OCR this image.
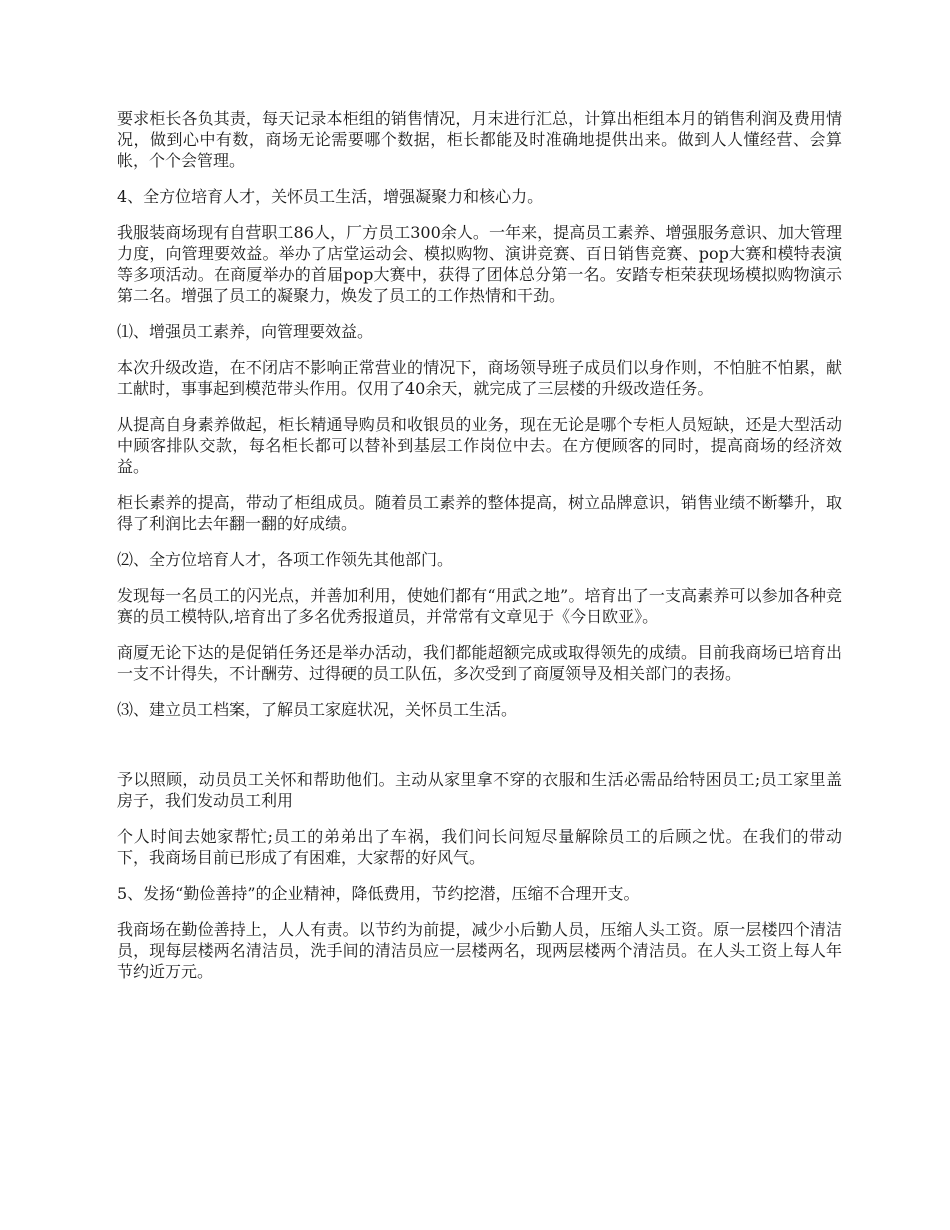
要求柜长各负其责，每天记录本柜组的销售情况，月末进行汇总，计算出柜组本月的销售利润及费用情况，做到心中有数，商场无论需要哪个数据，柜长都能及时准确地提供出来。做到人人懂经营、会算帐，个个会管理。

4、全方位培育人才，关怀员工生活，增强凝聚力和核心力。

我服装商场现有自营职工86人，厂方员工300余人。一年来，提高员工素养、增强服务意识、加大管理力度，向管理要效益。举办了店堂运动会、模拟购物、演讲竞赛、百日销售竞赛、pop大赛和模特表演等多项活动。在商厦举办的首届pop大赛中，获得了团体总分第一名。安踏专柜荣获现场模拟购物演示第二名。增强了员工的凝聚力，焕发了员工的工作热情和干劲。

⑴、增强员工素养，向管理要效益。

本次升级改造，在不闭店不影响正常营业的情况下，商场领导班子成员们以身作则，不怕脏不怕累，献工献时，事事起到模范带头作用。仅用了40余天，就完成了三层楼的升级改造任务。

从提高自身素养做起，柜长精通导购员和收银员的业务，现在无论是哪个专柜人员短缺，还是大型活动中顾客排队交款，每名柜长都可以替补到基层工作岗位中去。在方便顾客的同时，提高商场的经济效益。

柜长素养的提高，带动了柜组成员。随着员工素养的整体提高，树立品牌意识，销售业绩不断攀升，取得了利润比去年翻一翻的好成绩。

⑵、全方位培育人才，各项工作领先其他部门。

发现每一名员工的闪光点，并善加利用，使她们都有“用武之地”。培育出了一支高素养可以参加各种竞赛的员工模特队,培育出了多名优秀报道员，并常常有文章见于《今日欧亚》。

商厦无论下达的是促销任务还是举办活动，我们都能超额完成或取得领先的成绩。目前我商场已培育出一支不计得失，不计酬劳、过得硬的员工队伍，多次受到了商厦领导及相关部门的表扬。

⑶、建立员工档案，了解员工家庭状况，关怀员工生活。

予以照顾，动员员工关怀和帮助他们。主动从家里拿不穿的衣服和生活必需品给特困员工;员工家里盖房子，我们发动员工利用

个人时间去她家帮忙;员工的弟弟出了车祸，我们问长问短尽量解除员工的后顾之忧。在我们的带动下，我商场目前已形成了有困难，大家帮的好风气。

5、发扬“勤俭善持”的企业精神，降低费用，节约挖潜，压缩不合理开支。

我商场在勤俭善持上，人人有责。以节约为前提，减少小后勤人员，压缩人头工资。原一层楼四个清洁员，现每层楼两名清洁员，洗手间的清洁员应一层楼两名，现两层楼两个清洁员。在人头工资上每人年节约近万元。
